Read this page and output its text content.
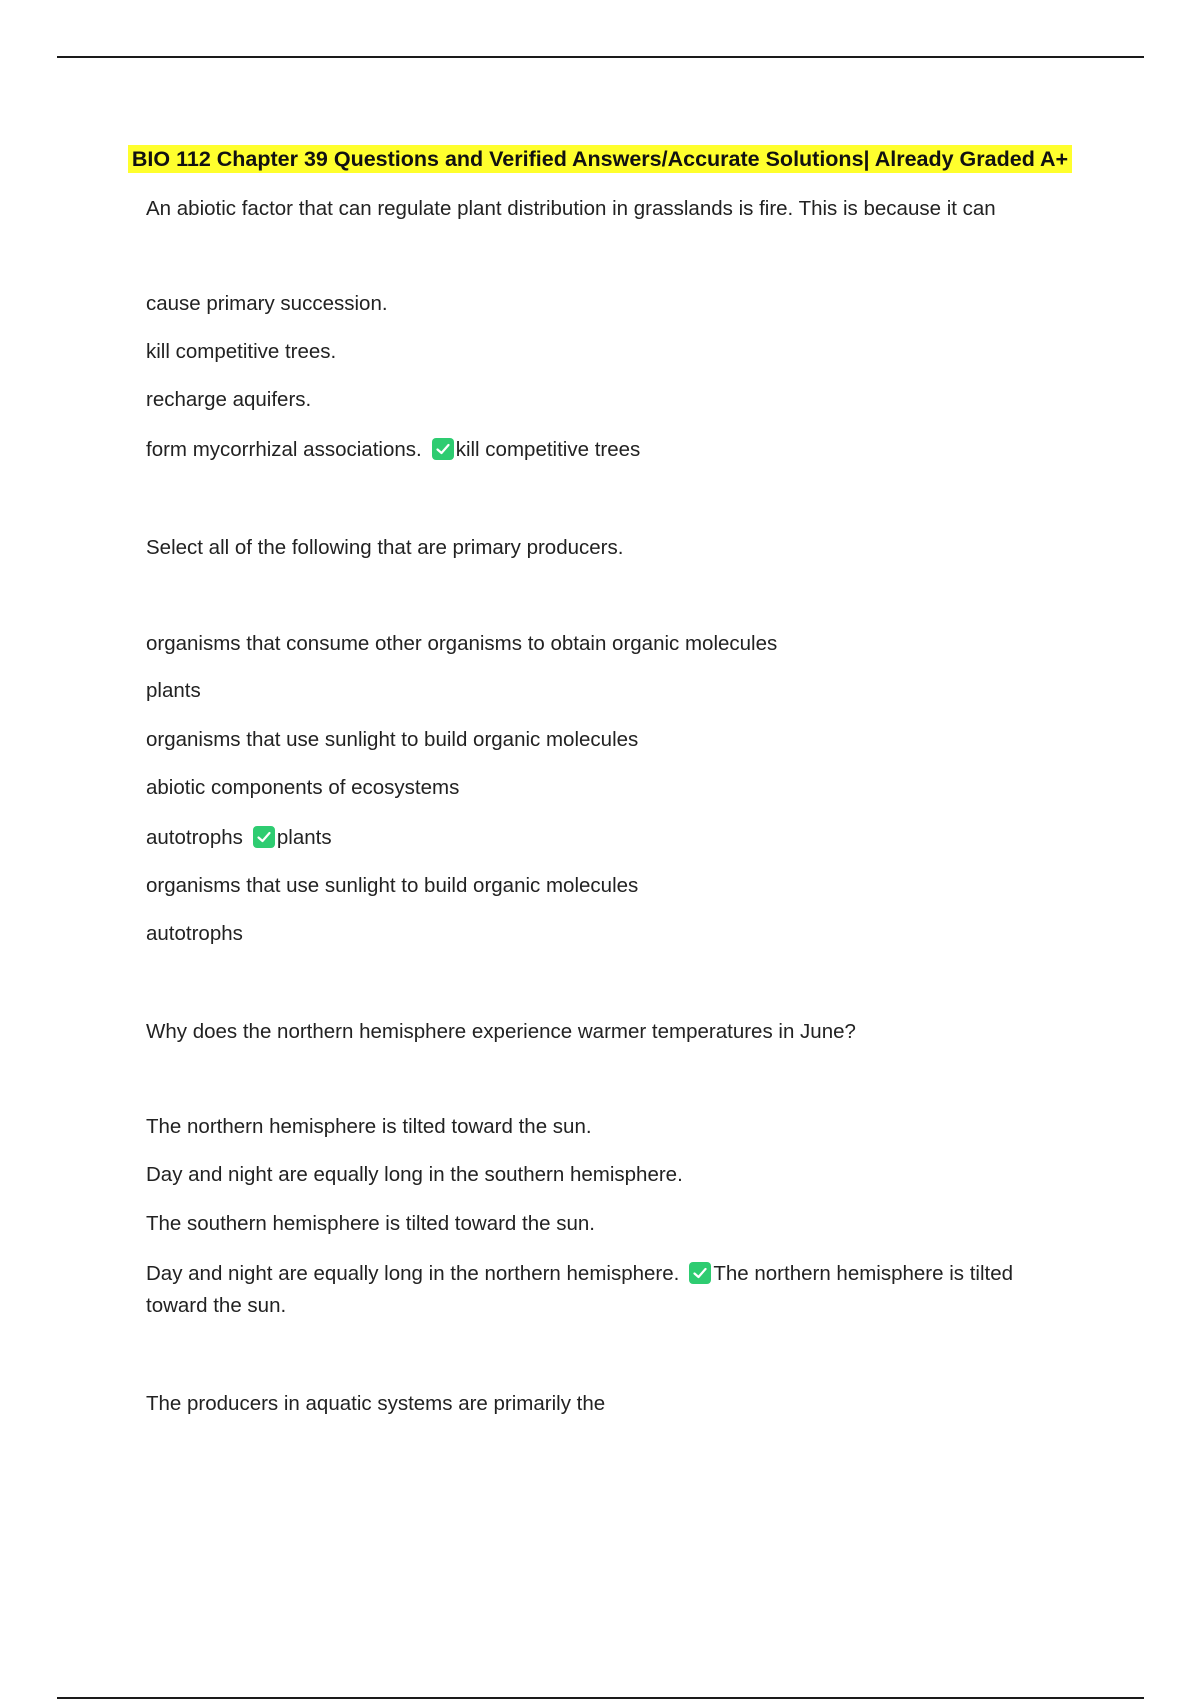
BIO 112 Chapter 39 Questions and Verified Answers/Accurate Solutions| Already Graded A+
An abiotic factor that can regulate plant distribution in grasslands is fire. This is because it can
cause primary succession.
kill competitive trees.
recharge aquifers.
form mycorrhizal associations. kill competitive trees
Select all of the following that are primary producers.
organisms that consume other organisms to obtain organic molecules
plants
organisms that use sunlight to build organic molecules
abiotic components of ecosystems
autotrophs plants
organisms that use sunlight to build organic molecules
autotrophs
Why does the northern hemisphere experience warmer temperatures in June?
The northern hemisphere is tilted toward the sun.
Day and night are equally long in the southern hemisphere.
The southern hemisphere is tilted toward the sun.
Day and night are equally long in the northern hemisphere. The northern hemisphere is tilted toward the sun.
The producers in aquatic systems are primarily the
